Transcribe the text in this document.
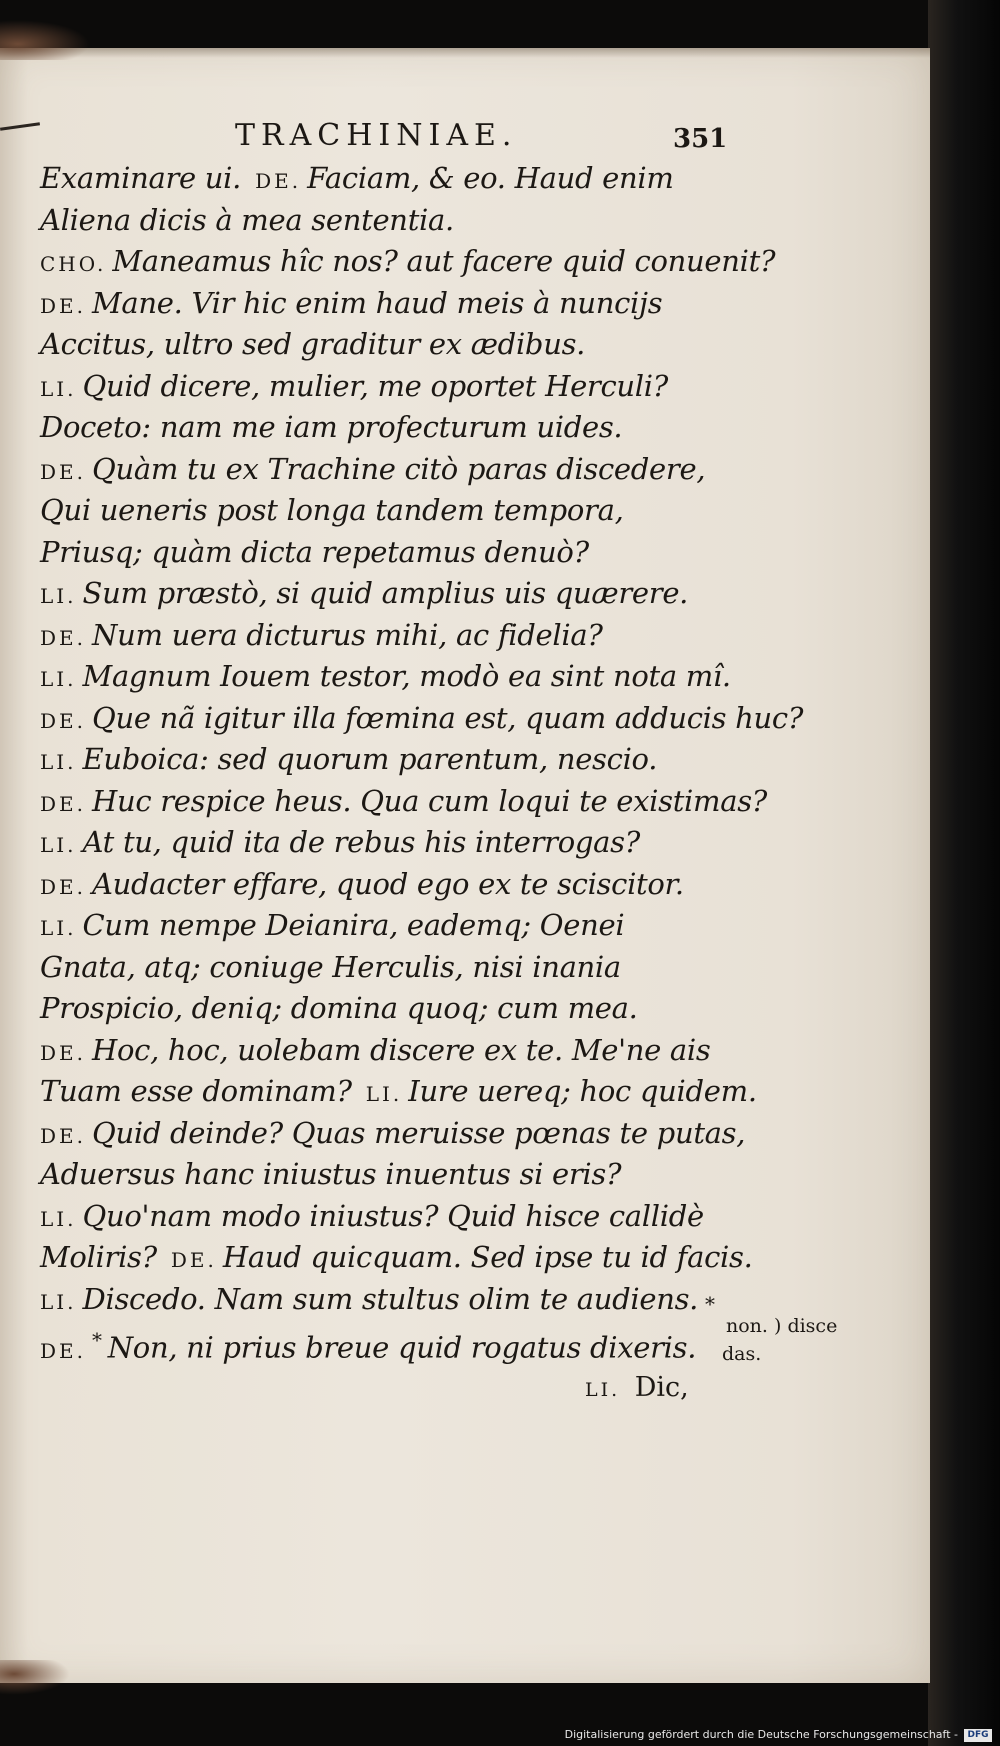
TRACHINIAE.	351
Examinare ui. DE. Faciam, & eo. Haud enim
Aliena dicis à mea sententia.
CHO. Maneamus hîc nos? aut facere quid conuenit?
DE. Mane. Vir hic enim haud meis à nuncijs
Accitus, ultro sed graditur ex ædibus.
LI. Quid dicere, mulier, me oportet Herculi?
Doceto: nam me iam profecturum uides.
DE. Quàm tu ex Trachine citò paras discedere,
Qui ueneris post longa tandem tempora,
Priusq; quàm dicta repetamus denuò?
LI. Sum præstò, si quid amplius uis quærere.
DE. Num uera dicturus mihi, ac fidelia?
LI. Magnum Iouem testor, modò ea sint nota mî.
DE. Que nã igitur illa fœmina est, quam adducis huc?
LI. Euboica: sed quorum parentum, nescio.
DE. Huc respice heus. Qua cum loqui te existimas?
LI. At tu, quid ita de rebus his interrogas?
DE. Audacter effare, quod ego ex te sciscitor.
LI. Cum nempe Deianira, eademq; Oenei
Gnata, atq; coniuge Herculis, nisi inania
Prospicio, deniq; domina quoq; cum mea.
DE. Hoc, hoc, uolebam discere ex te. Me'ne ais
Tuam esse dominam? LI. Iure uereq; hoc quidem.
DE. Quid deinde? Quas meruisse pœnas te putas,
Aduersus hanc iniustus inuentus si eris?
LI. Quo'nam modo iniustus? Quid hisce callidè
Moliris? DE. Haud quicquam. Sed ipse tu id facis.
LI. Discedo. Nam sum stultus olim te audiens.
DE. * Non, ni prius breue quid rogatus dixeris.
*
non. ) disce
das.
LI. Dic,
Digitalisierung gefördert durch die Deutsche Forschungsgemeinschaft -	DFG
